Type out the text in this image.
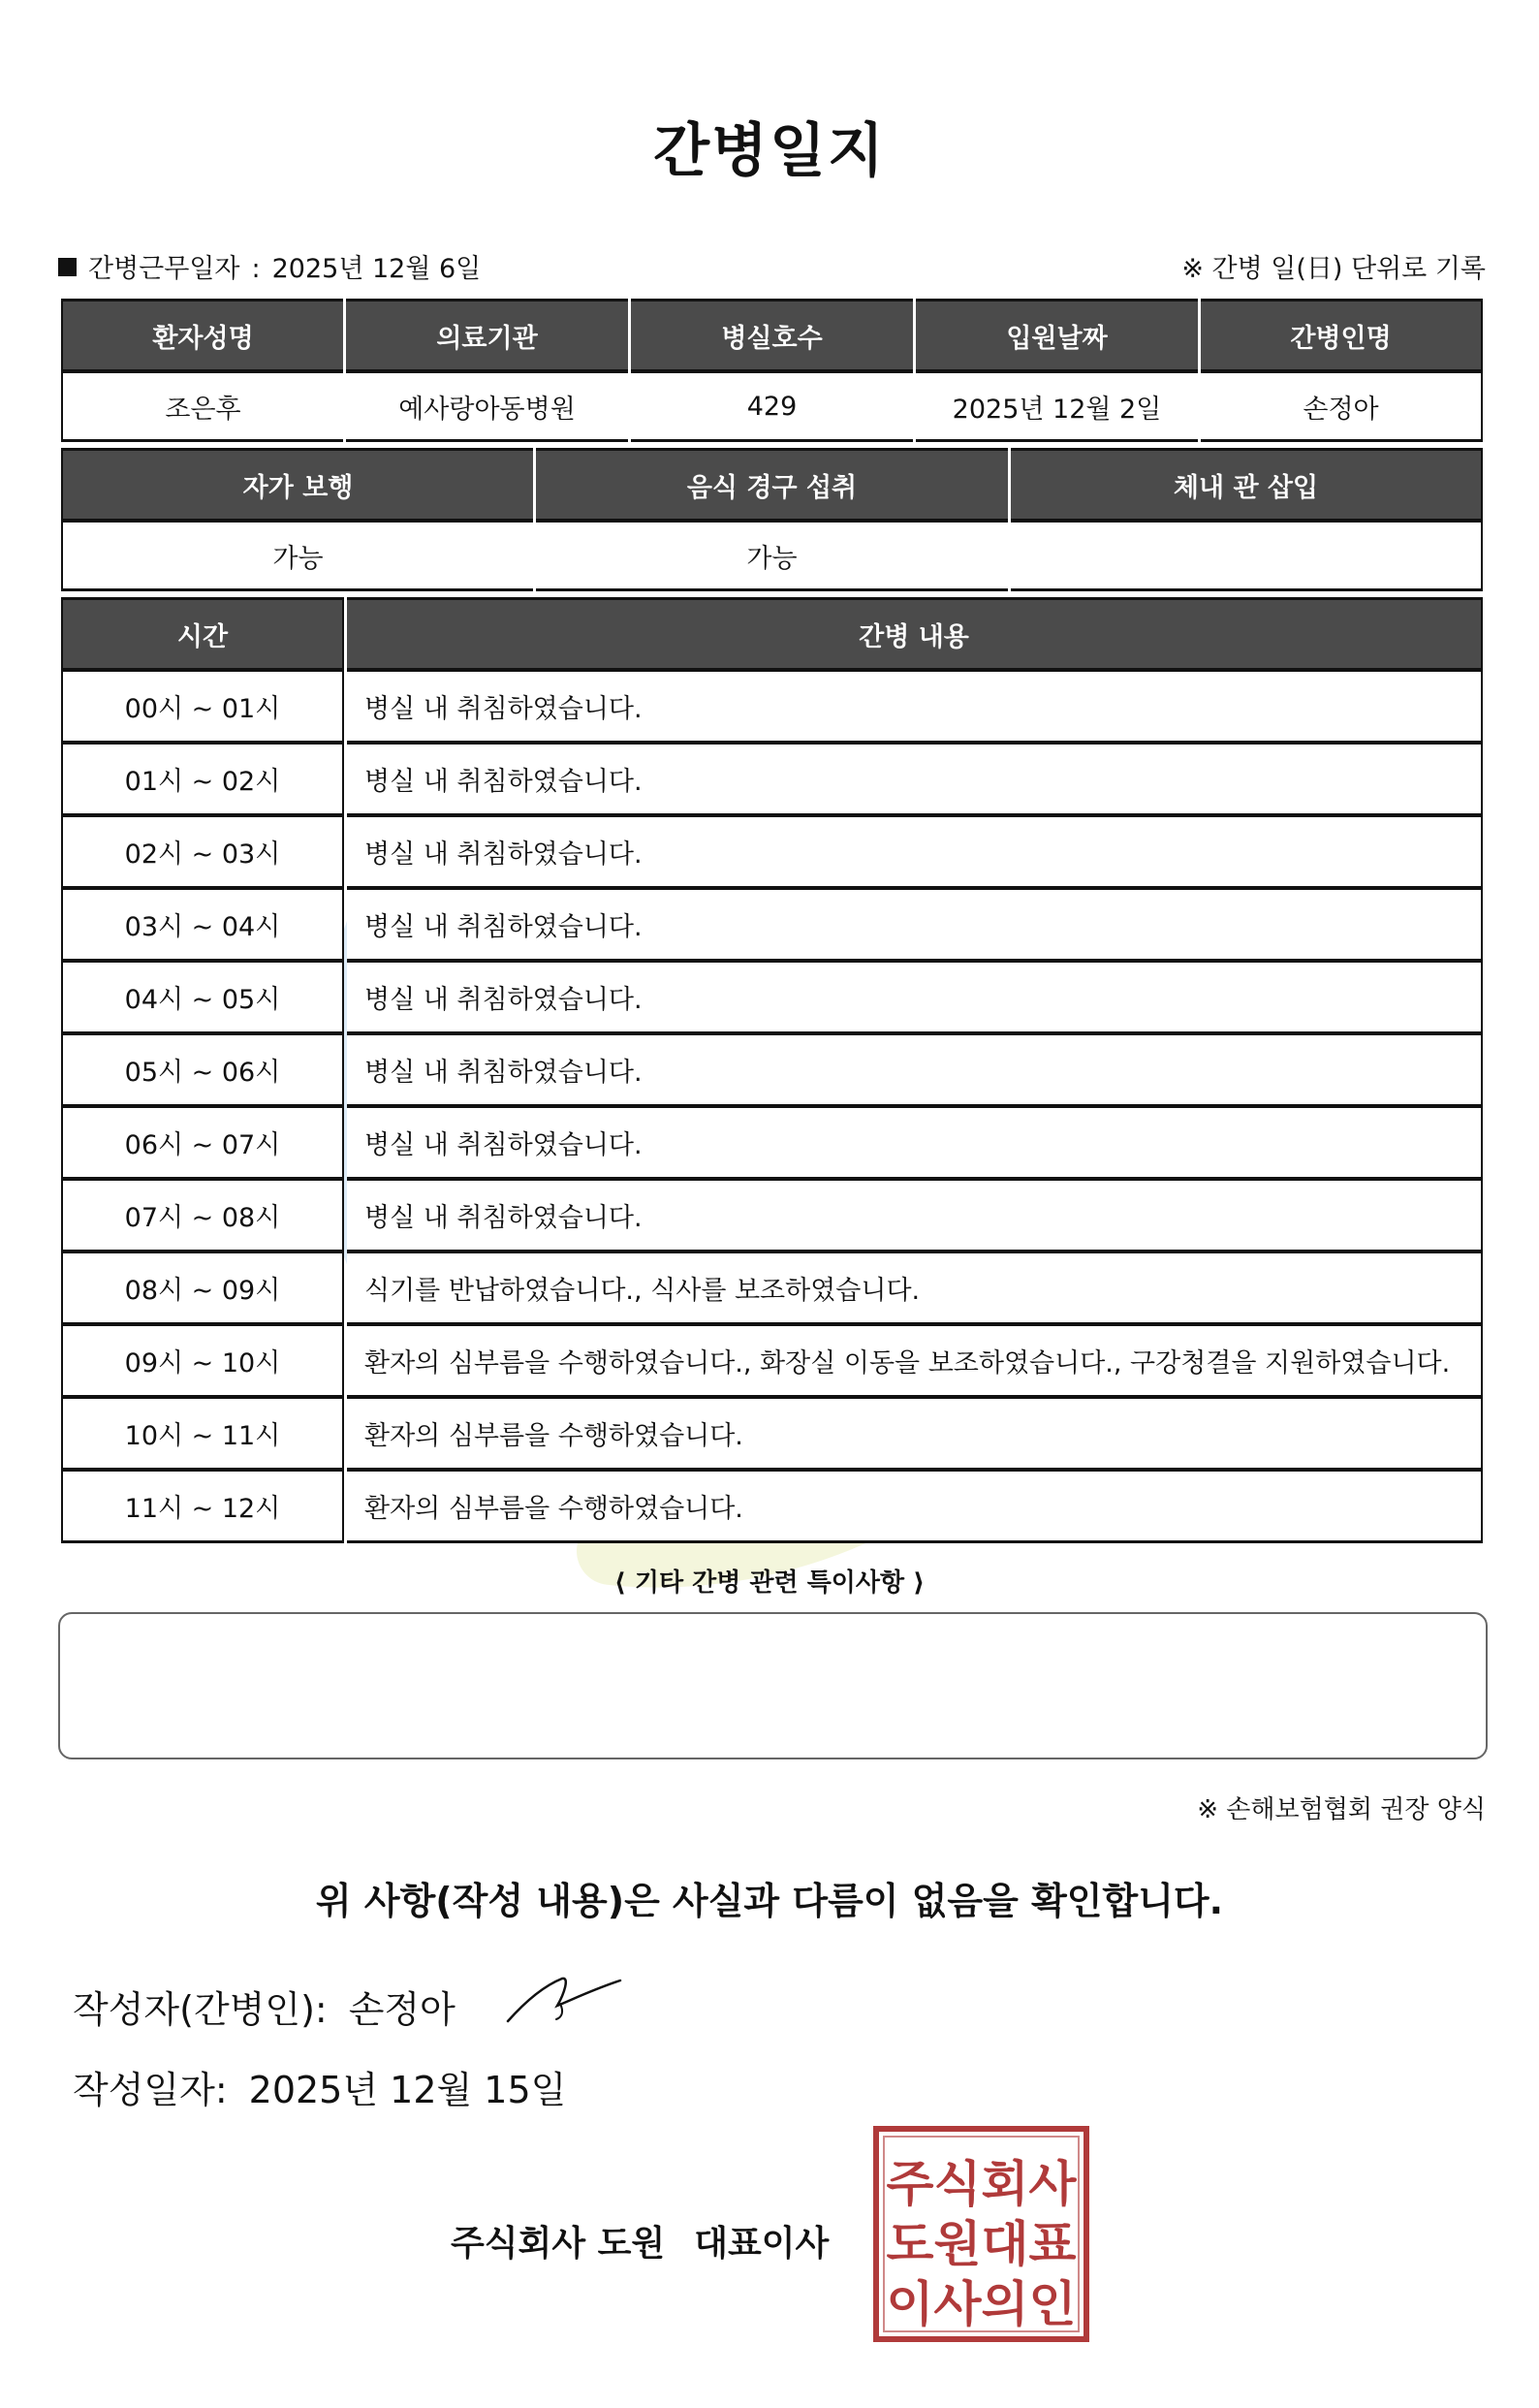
간병일지
간병근무일자 : 2025년 12월 6일	※ 간병 일(日) 단위로 기록
환자성명	의료기관	병실호수	입원날짜	간병인명
조은후	예사랑아동병원	429	2025년 12월 2일	손정아
자가 보행	음식 경구 섭취	체내 관 삽입
가능	가능	
시간	간병 내용
00시 ~ 01시	병실 내 취침하였습니다.
01시 ~ 02시	병실 내 취침하였습니다.
02시 ~ 03시	병실 내 취침하였습니다.
03시 ~ 04시	병실 내 취침하였습니다.
04시 ~ 05시	병실 내 취침하였습니다.
05시 ~ 06시	병실 내 취침하였습니다.
06시 ~ 07시	병실 내 취침하였습니다.
07시 ~ 08시	병실 내 취침하였습니다.
08시 ~ 09시	식기를 반납하였습니다., 식사를 보조하였습니다.
09시 ~ 10시	환자의 심부름을 수행하였습니다., 화장실 이동을 보조하였습니다., 구강청결을 지원하였습니다.
10시 ~ 11시	환자의 심부름을 수행하였습니다.
11시 ~ 12시	환자의 심부름을 수행하였습니다.
⟨ 기타 간병 관련 특이사항 ⟩
※ 손해보험협회 권장 양식
위 사항(작성 내용)은 사실과 다름이 없음을 확인합니다.
작성자(간병인): 손정아
작성일자: 2025년 12월 15일
주식회사 도원 대표이사
주식회사
도원대표
이사의인
